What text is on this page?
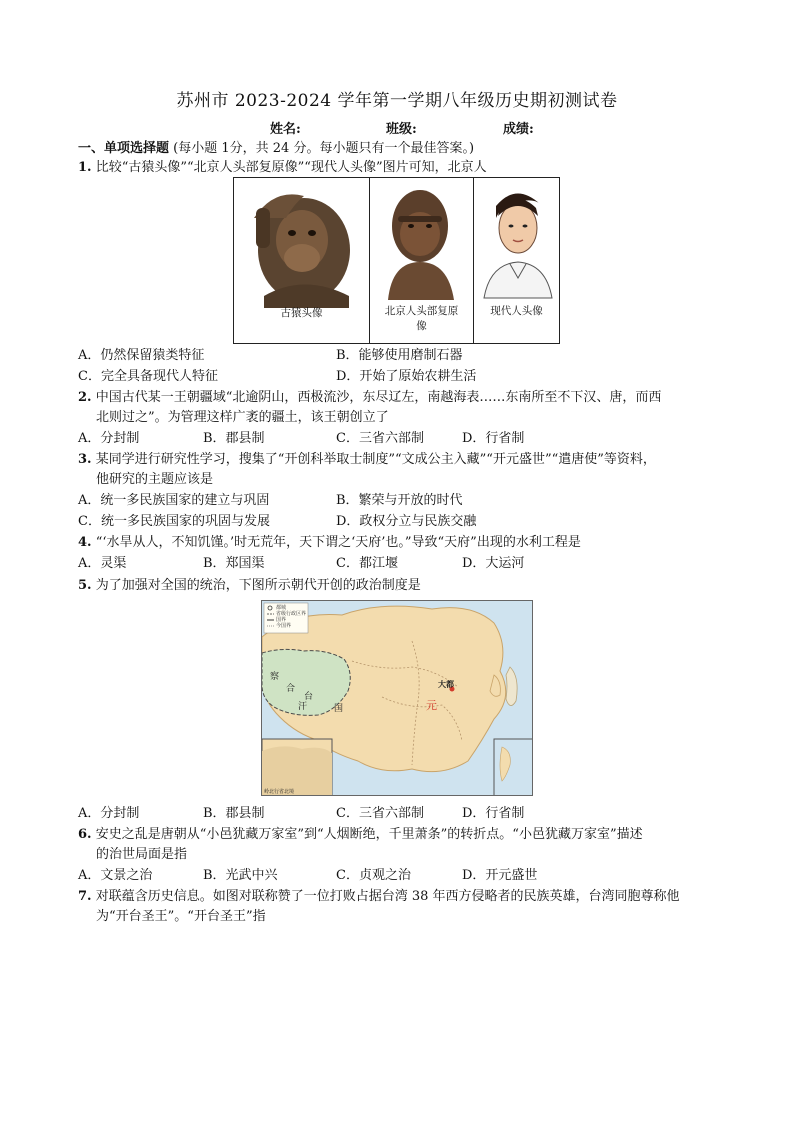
苏州市 2023-2024 学年第一学期八年级历史期初测试卷
姓名:	班级:	成绩:
一、单项选择题 (每小题 1分，共 24 分。每小题只有一个最佳答案。)
1. 比较“古猿头像”“北京人头部复原像”“现代人头像”图片可知，北京人
古猿头像	北京人头部复原
像
现代人头像
A．仍然保留猿类特征	B．能够使用磨制石器
C．完全具备现代人特征	D．开始了原始农耕生活
2. 中国古代某一王朝疆域“北逾阴山，西极流沙，东尽辽左，南越海表……东南所至不下汉、唐，而西
北则过之”。为管理这样广袤的疆土，该王朝创立了
A．分封制	B．郡县制	C．三省六部制	D．行省制
3. 某同学进行研究性学习，搜集了“开创科举取士制度”“文成公主入藏”“开元盛世”“遣唐使”等资料，
他研究的主题应该是
A．统一多民族国家的建立与巩固	B．繁荣与开放的时代
C．统一多民族国家的巩固与发展	D．政权分立与民族交融
4. “‘水旱从人，不知饥馑。’时无荒年，天下谓之‘天府’也。”导致“天府”出现的水利工程是
A．灵渠	B．郑国渠	C．都江堰	D．大运河
5. 为了加强对全国的统治，下图所示朝代开创的政治制度是
都城
省级行政区界
国界
今国界
察
合
台
汗	国
大都
元
岭北行省北境
A．分封制	B．郡县制	C．三省六部制	D．行省制
6. 安史之乱是唐朝从“小邑犹藏万家室”到“人烟断绝，千里萧条”的转折点。“小邑犹藏万家室”描述
的治世局面是指
A．文景之治	B．光武中兴	C．贞观之治	D．开元盛世
7. 对联蕴含历史信息。如图对联称赞了一位打败占据台湾 38 年西方侵略者的民族英雄，台湾同胞尊称他
为“开台圣王”。“开台圣王”指
